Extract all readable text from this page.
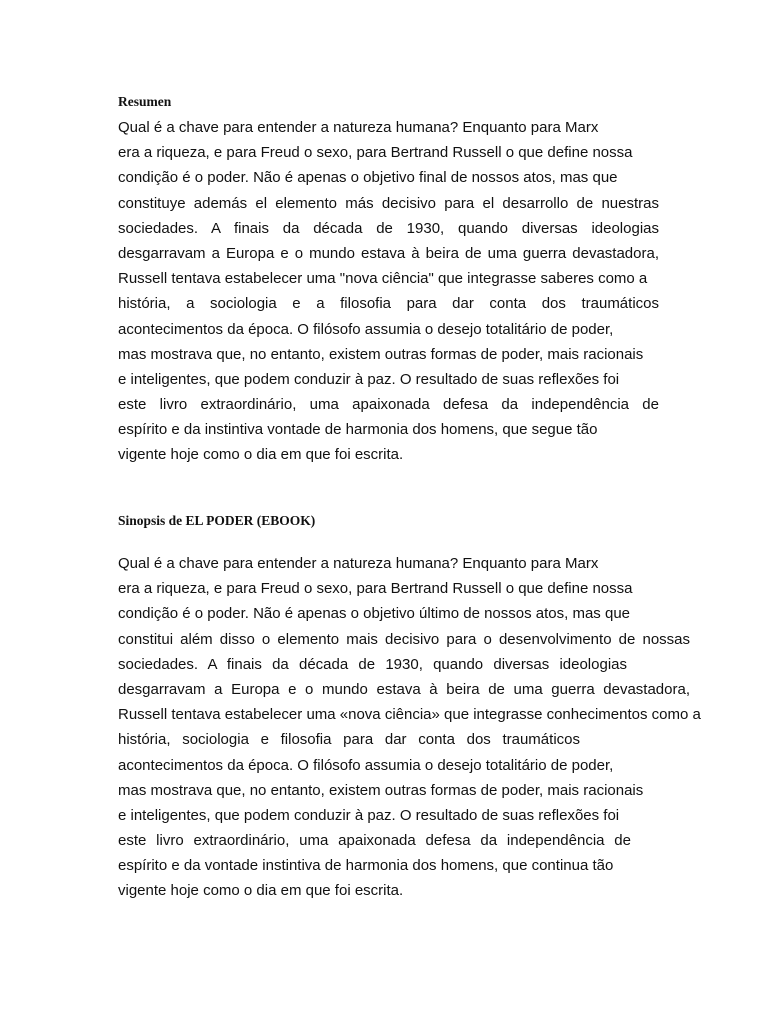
Resumen
Qual é a chave para entender a natureza humana? Enquanto para Marx
era a riqueza, e para Freud o sexo, para Bertrand Russell o que define nossa
condição é o poder. Não é apenas o objetivo final de nossos atos, mas que
constituye además el elemento más decisivo para el desarrollo de nuestras
sociedades. A finais da década de 1930, quando diversas ideologias
desgarravam a Europa e o mundo estava à beira de uma guerra devastadora,
Russell tentava estabelecer uma "nova ciência" que integrasse saberes como a
história, a sociologia e a filosofia para dar conta dos traumáticos
acontecimentos da época. O filósofo assumia o desejo totalitário de poder,
mas mostrava que, no entanto, existem outras formas de poder, mais racionais
e inteligentes, que podem conduzir à paz. O resultado de suas reflexões foi
este livro extraordinário, uma apaixonada defesa da independência de
espírito e da instintiva vontade de harmonia dos homens, que segue tão
vigente hoje como o dia em que foi escrita.
Sinopsis de EL PODER (EBOOK)
Qual é a chave para entender a natureza humana? Enquanto para Marx
era a riqueza, e para Freud o sexo, para Bertrand Russell o que define nossa
condição é o poder. Não é apenas o objetivo último de nossos atos, mas que
constitui além disso o elemento mais decisivo para o desenvolvimento de nossas
sociedades. A finais da década de 1930, quando diversas ideologias
desgarravam a Europa e o mundo estava à beira de uma guerra devastadora,
Russell tentava estabelecer uma «nova ciência» que integrasse conhecimentos como a
história, sociologia e filosofia para dar conta dos traumáticos
acontecimentos da época. O filósofo assumia o desejo totalitário de poder,
mas mostrava que, no entanto, existem outras formas de poder, mais racionais
e inteligentes, que podem conduzir à paz. O resultado de suas reflexões foi
este livro extraordinário, uma apaixonada defesa da independência de
espírito e da vontade instintiva de harmonia dos homens, que continua tão
vigente hoje como o dia em que foi escrita.
